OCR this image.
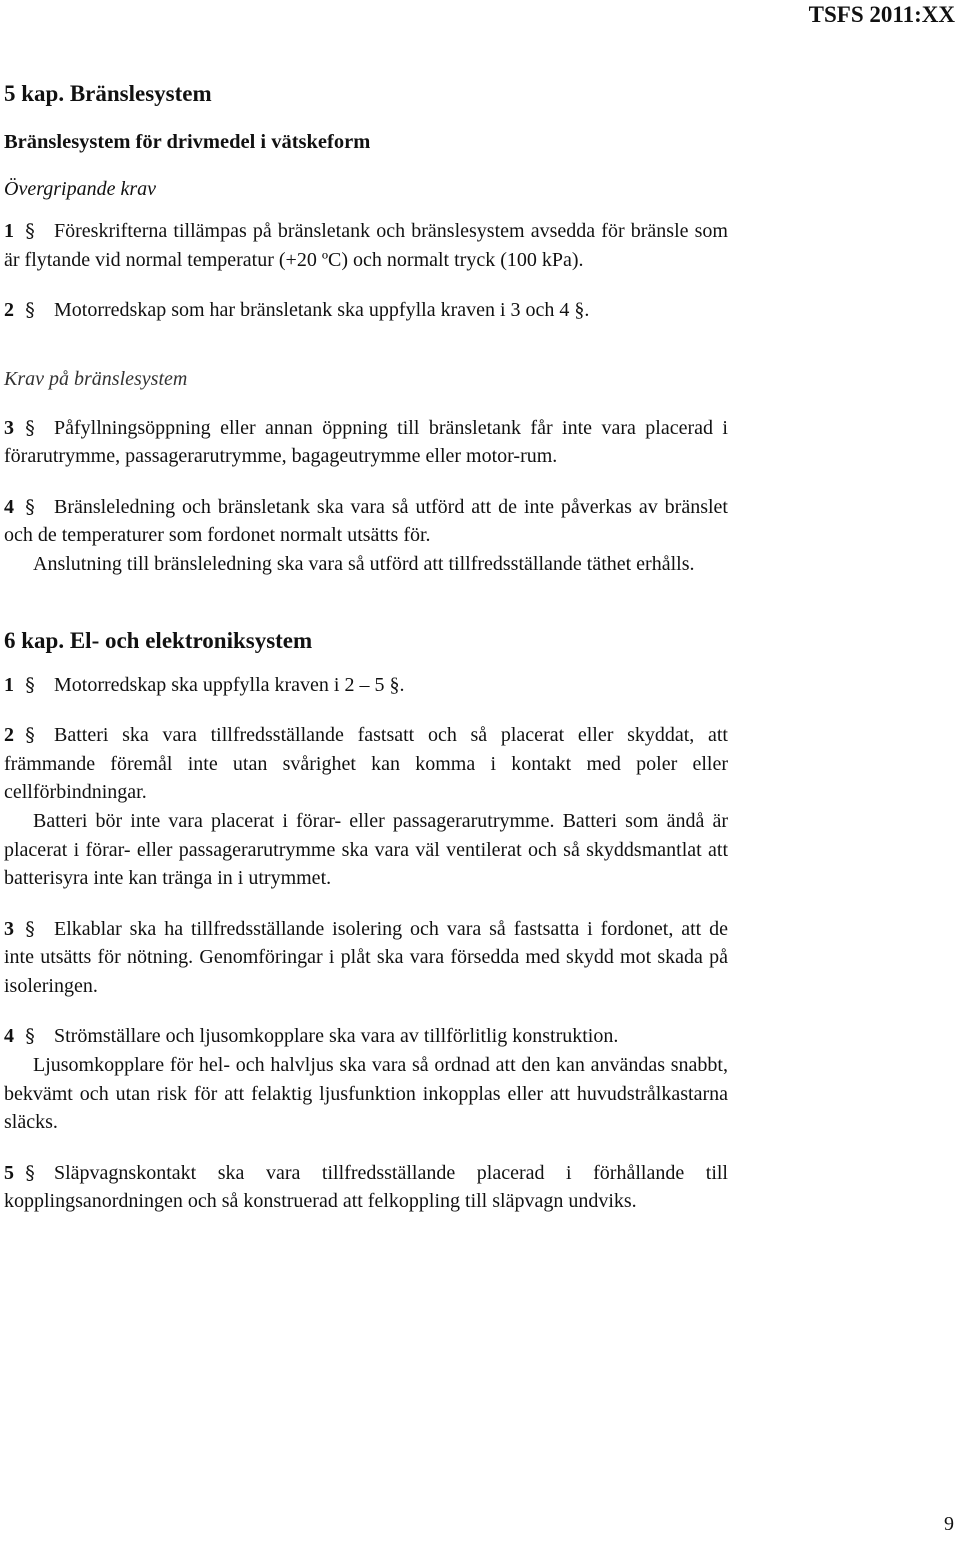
TSFS 2011:XX

5 kap. Bränslesystem

Bränslesystem för drivmedel i vätskeform

Övergripande krav

1 § Föreskrifterna tillämpas på bränsletank och bränslesystem avsedda för bränsle som är flytande vid normal temperatur (+20 ºC) och normalt tryck (100 kPa).

2 § Motorredskap som har bränsletank ska uppfylla kraven i 3 och 4 §.

Krav på bränslesystem

3 § Påfyllningsöppning eller annan öppning till bränsletank får inte vara placerad i förarutrymme, passagerarutrymme, bagageutrymme eller motor-rum.

4 § Bränsleledning och bränsletank ska vara så utförd att de inte påverkas av bränslet och de temperaturer som fordonet normalt utsätts för.

Anslutning till bränsleledning ska vara så utförd att tillfredsställande täthet erhålls.

6 kap. El- och elektroniksystem

1 § Motorredskap ska uppfylla kraven i 2 – 5 §.

2 § Batteri ska vara tillfredsställande fastsatt och så placerat eller skyddat, att främmande föremål inte utan svårighet kan komma i kontakt med poler eller cellförbindningar.

Batteri bör inte vara placerat i förar- eller passagerarutrymme. Batteri som ändå är placerat i förar- eller passagerarutrymme ska vara väl ventilerat och så skyddsmantlat att batterisyra inte kan tränga in i utrymmet.

3 § Elkablar ska ha tillfredsställande isolering och vara så fastsatta i fordonet, att de inte utsätts för nötning. Genomföringar i plåt ska vara försedda med skydd mot skada på isoleringen.

4 § Strömställare och ljusomkopplare ska vara av tillförlitlig konstruktion.

Ljusomkopplare för hel- och halvljus ska vara så ordnad att den kan användas snabbt, bekvämt och utan risk för att felaktig ljusfunktion inkopplas eller att huvudstrålkastarna släcks.

5 § Släpvagnskontakt ska vara tillfredsställande placerad i förhållande till kopplingsanordningen och så konstruerad att felkoppling till släpvagn undviks.

9
